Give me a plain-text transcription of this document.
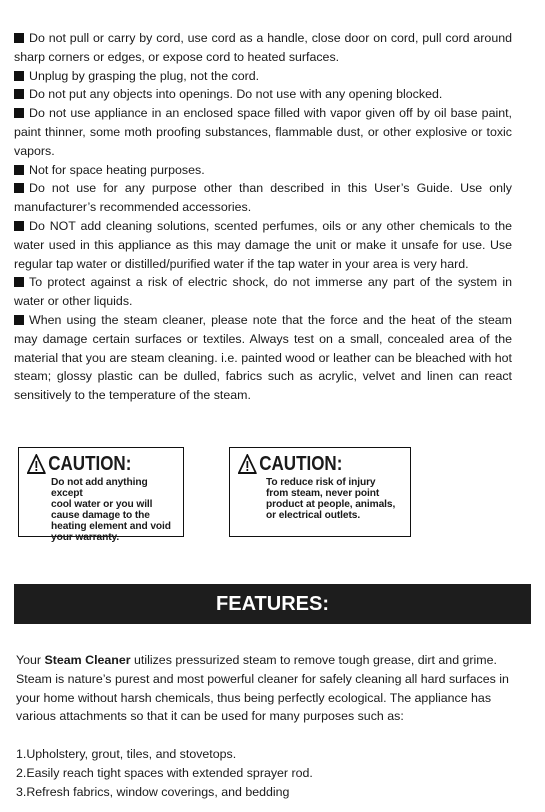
Do not pull or carry by cord, use cord as a handle, close door on cord, pull cord around sharp corners or edges, or expose cord to heated surfaces.

Unplug by grasping the plug, not the cord.

Do not put any objects into openings. Do not use with any opening blocked.

Do not use appliance in an enclosed space filled with vapor given off by oil base paint, paint thinner, some moth proofing substances, flammable dust, or other explosive or toxic vapors.

Not for space heating purposes.

Do not use for any purpose other than described in this User’s Guide. Use only manufacturer’s recommended accessories.

Do NOT add cleaning solutions, scented perfumes, oils or any other chemicals to the water used in this appliance as this may damage the unit or make it unsafe for use. Use regular tap water or distilled/purified water if the tap water in your area is very hard.

To protect against a risk of electric shock, do not immerse any part of the system in water or other liquids.

When using the steam cleaner, please note that the force and the heat of the steam may damage certain surfaces or textiles. Always test on a small, concealed area of the material that you are steam cleaning. i.e. painted wood or leather can be bleached with hot steam; glossy plastic can be dulled, fabrics such as acrylic, velvet and linen can react sensitively to the temperature of the steam.

CAUTION:
Do not add anything except
cool water or you will
cause damage to the
heating element and void
your warranty.
CAUTION:
To reduce risk of injury
from steam, never point
product at people, animals,
or electrical outlets.
FEATURES:

Your Steam Cleaner utilizes pressurized steam to remove tough grease, dirt and grime. Steam is nature’s purest and most powerful cleaner for safely cleaning all hard surfaces in your home without harsh chemicals, thus being perfectly ecological. The appliance has various attachments so that it can be used for many purposes such as:

1.Upholstery, grout, tiles, and stovetops.
2.Easily reach tight spaces with extended sprayer rod.
3.Refresh fabrics, window coverings, and bedding
